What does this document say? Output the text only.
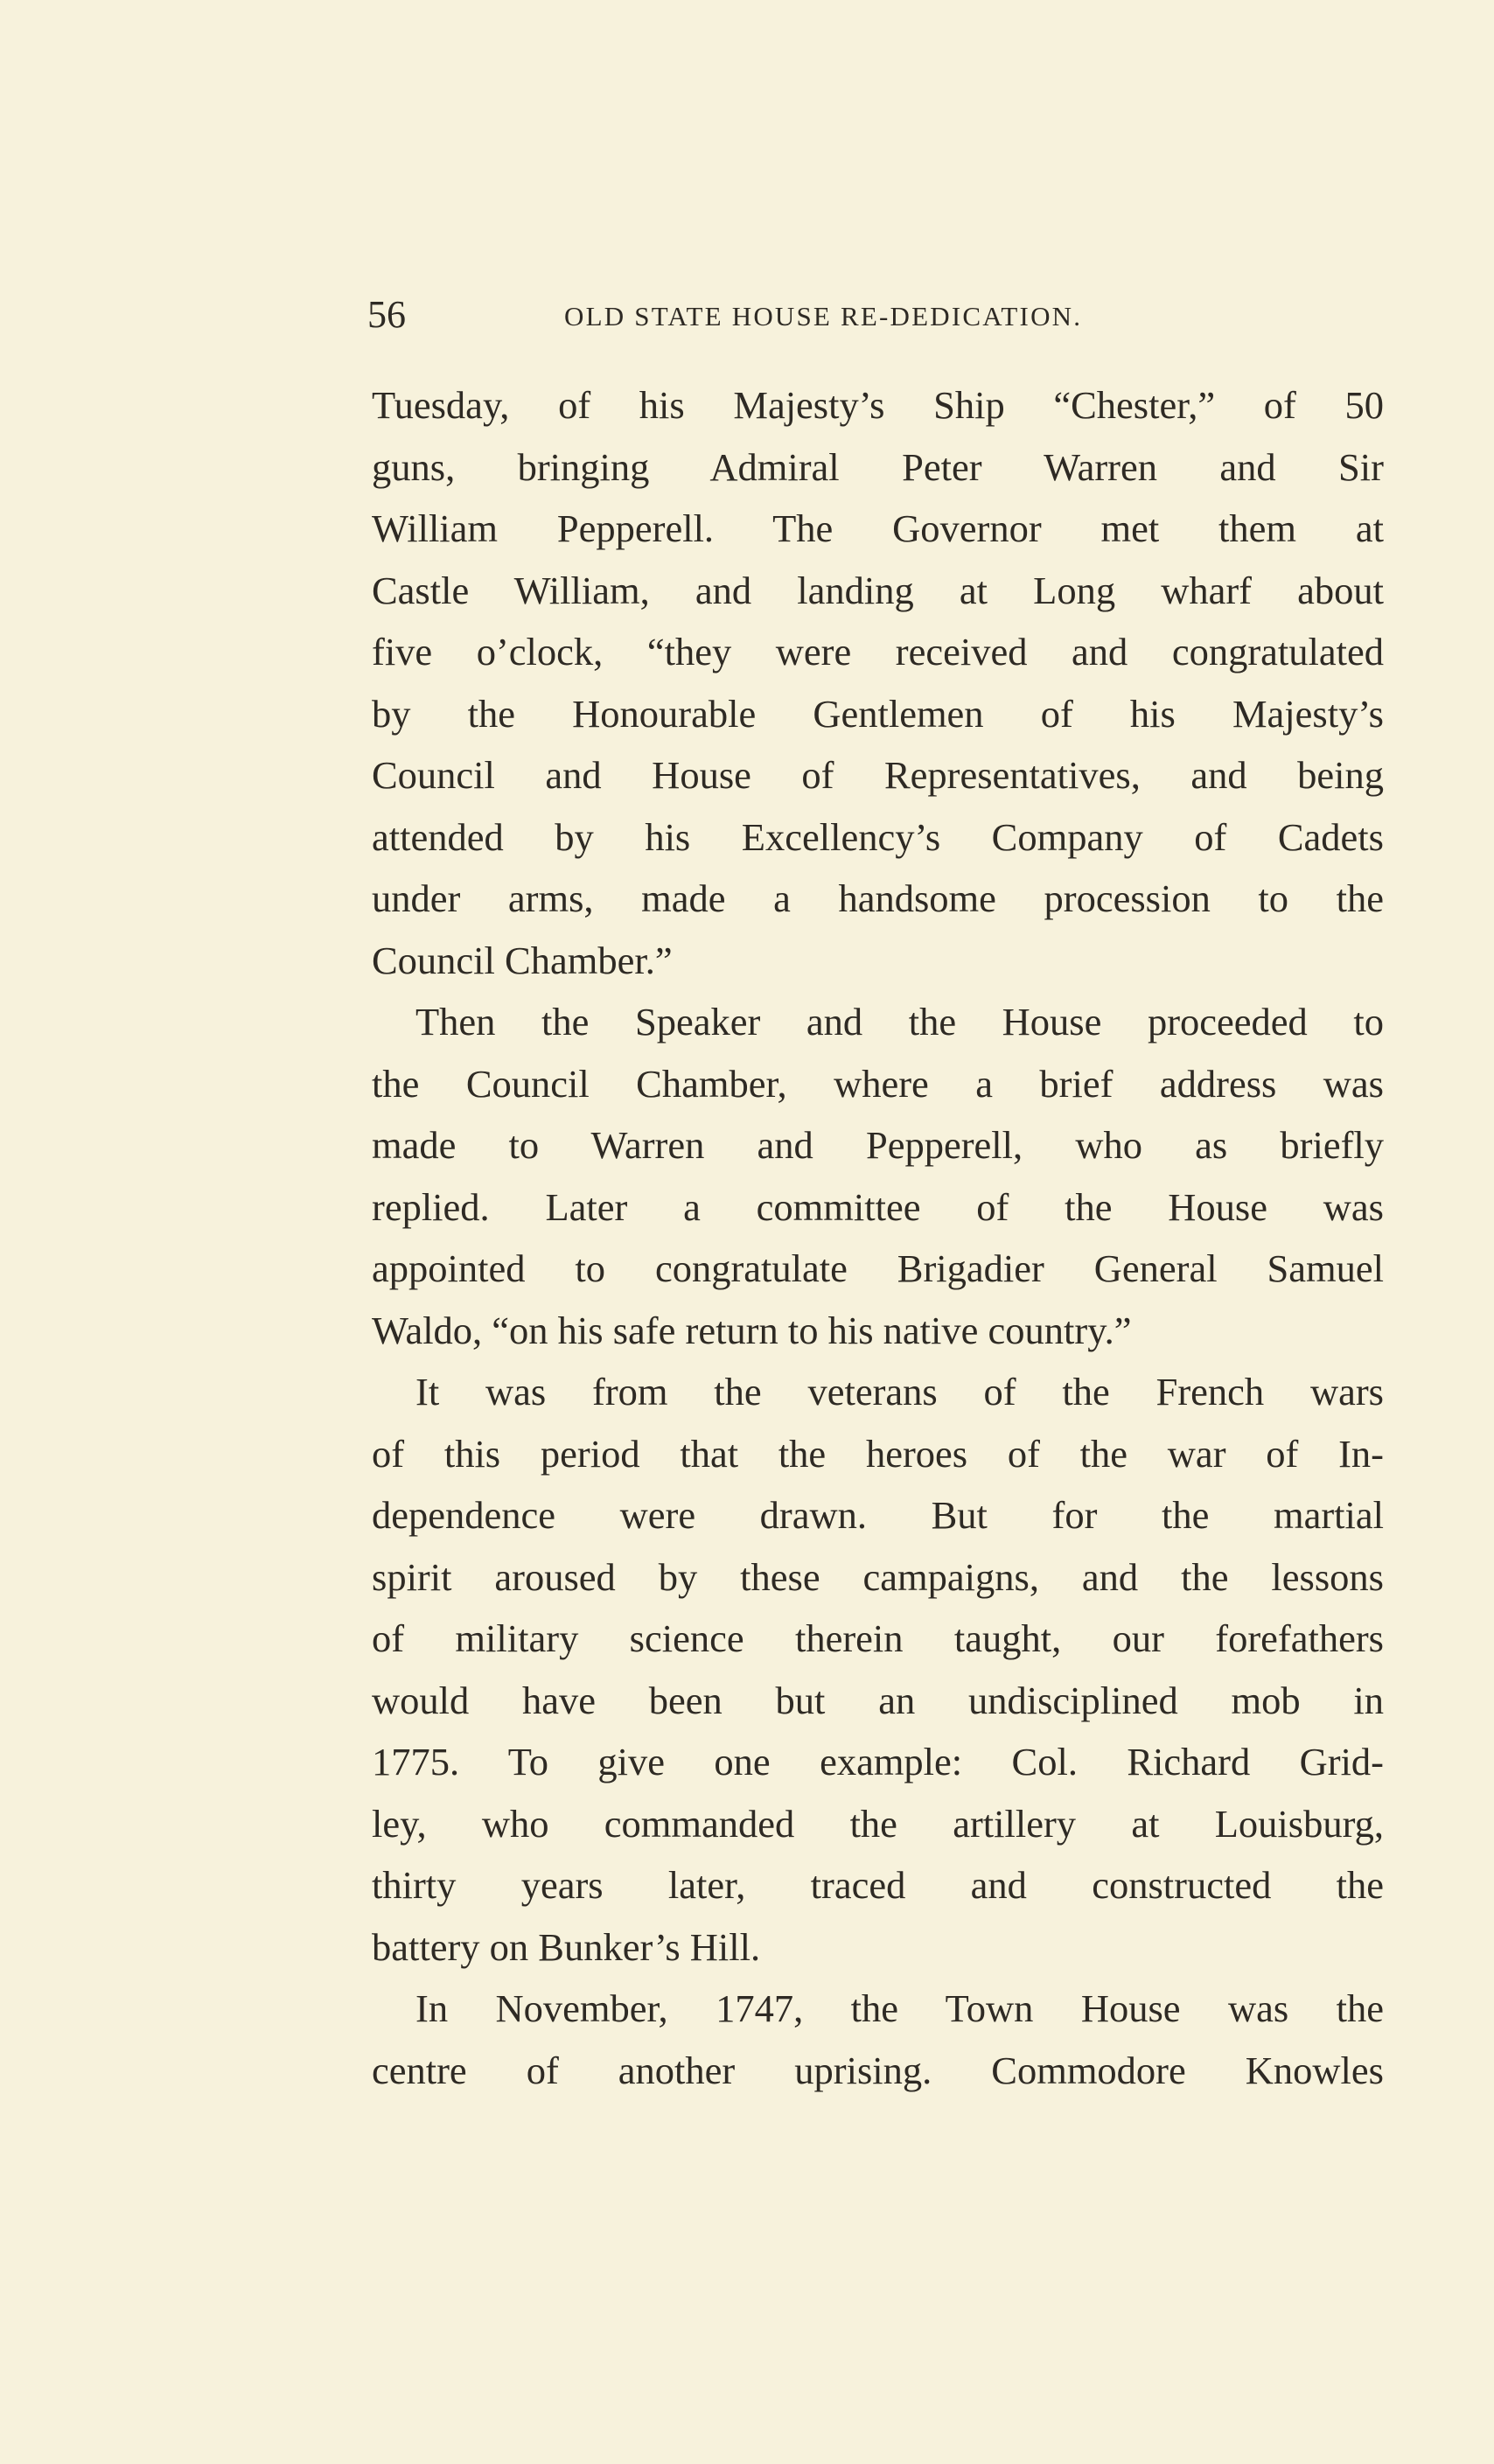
56	OLD STATE HOUSE RE-DEDICATION.
Tuesday, of his Majesty’s Ship “Chester,” of 50
guns, bringing Admiral Peter Warren and Sir
William Pepperell. The Governor met them at
Castle William, and landing at Long wharf about
five o’clock, “they were received and congratulated
by the Honourable Gentlemen of his Majesty’s
Council and House of Representatives, and being
attended by his Excellency’s Company of Cadets
under arms, made a handsome procession to the
Council Chamber.”
Then the Speaker and the House proceeded to
the Council Chamber, where a brief address was
made to Warren and Pepperell, who as briefly
replied. Later a committee of the House was
appointed to congratulate Brigadier General Samuel
Waldo, “on his safe return to his native country.”
It was from the veterans of the French wars
of this period that the heroes of the war of In-
dependence were drawn. But for the martial
spirit aroused by these campaigns, and the lessons
of military science therein taught, our forefathers
would have been but an undisciplined mob in
1775. To give one example: Col. Richard Grid-
ley, who commanded the artillery at Louisburg,
thirty years later, traced and constructed the
battery on Bunker’s Hill.
In November, 1747, the Town House was the
centre of another uprising. Commodore Knowles
